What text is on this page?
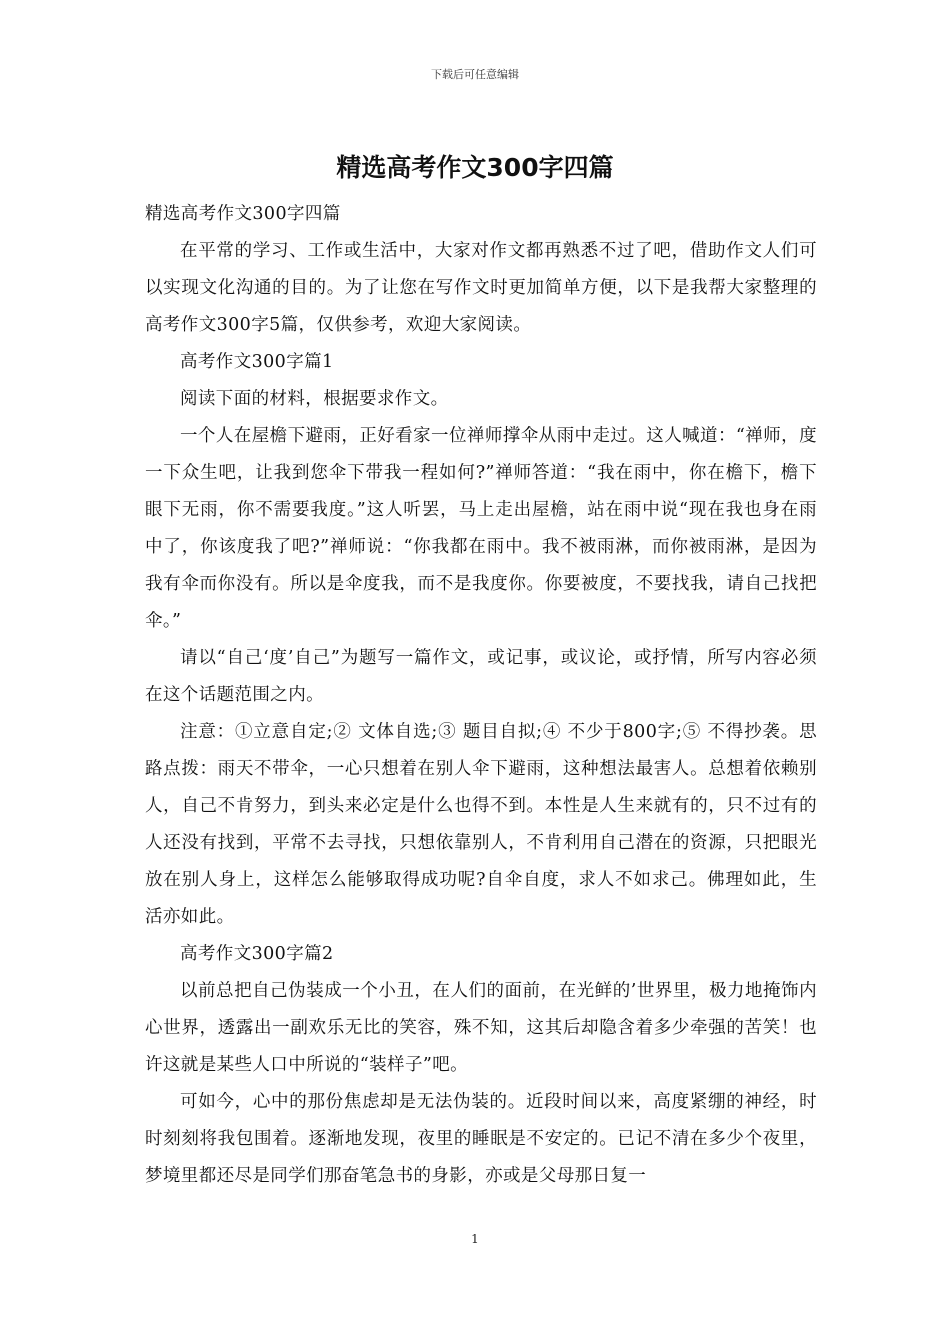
下载后可任意编辑
精选高考作文300字四篇

精选高考作文300字四篇

在平常的学习、工作或生活中，大家对作文都再熟悉不过了吧，借助作文人们可以实现文化沟通的目的。为了让您在写作文时更加简单方便，以下是我帮大家整理的高考作文300字5篇，仅供参考，欢迎大家阅读。

高考作文300字篇1

阅读下面的材料，根据要求作文。

一个人在屋檐下避雨，正好看家一位禅师撑伞从雨中走过。这人喊道：“禅师，度一下众生吧，让我到您伞下带我一程如何?”禅师答道：“我在雨中，你在檐下，檐下眼下无雨，你不需要我度。”这人听罢，马上走出屋檐，站在雨中说“现在我也身在雨中了，你该度我了吧?”禅师说：“你我都在雨中。我不被雨淋，而你被雨淋，是因为我有伞而你没有。所以是伞度我，而不是我度你。你要被度，不要找我，请自己找把伞。”

请以“自己‘度’自己”为题写一篇作文，或记事，或议论，或抒情，所写内容必须在这个话题范围之内。

注意：①立意自定;② 文体自选;③ 题目自拟;④ 不少于800字;⑤ 不得抄袭。思路点拨：雨天不带伞，一心只想着在别人伞下避雨，这种想法最害人。总想着依赖别人，自己不肯努力，到头来必定是什么也得不到。本性是人生来就有的，只不过有的人还没有找到，平常不去寻找，只想依靠别人，不肯利用自己潜在的资源，只把眼光放在别人身上，这样怎么能够取得成功呢?自伞自度，求人不如求己。佛理如此，生活亦如此。

高考作文300字篇2

以前总把自己伪装成一个小丑，在人们的面前，在光鲜的’世界里，极力地掩饰内心世界，透露出一副欢乐无比的笑容，殊不知，这其后却隐含着多少牵强的苦笑！也许这就是某些人口中所说的“装样子”吧。

可如今，心中的那份焦虑却是无法伪装的。近段时间以来，高度紧绷的神经，时时刻刻将我包围着。逐渐地发现，夜里的睡眠是不安定的。已记不清在多少个夜里，梦境里都还尽是同学们那奋笔急书的身影，亦或是父母那日复一

1
